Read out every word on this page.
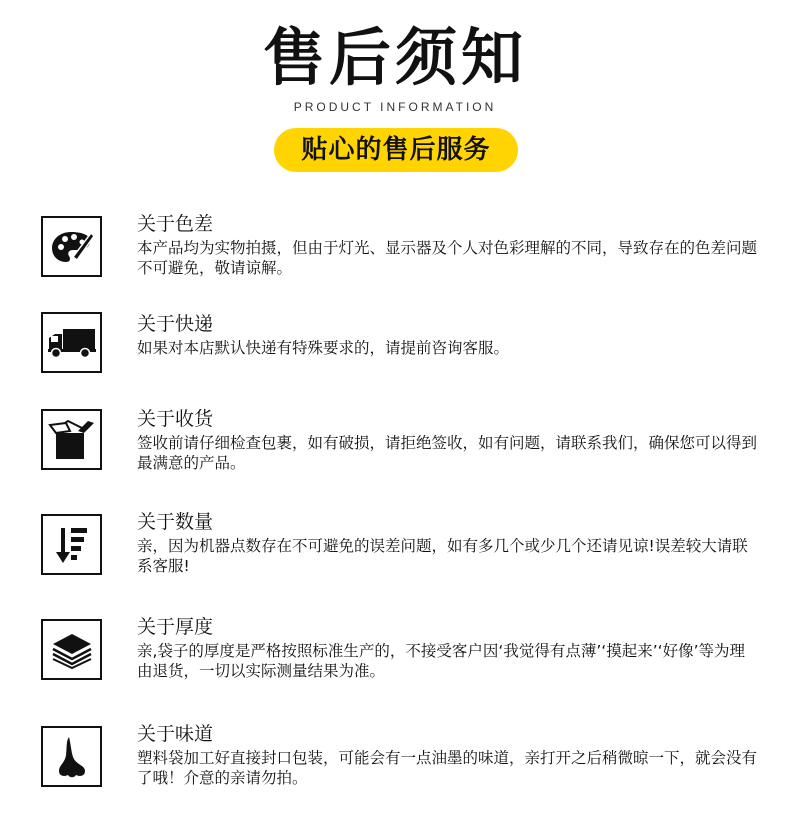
售后须知
PRODUCT INFORMATION
贴心的售后服务
关于色差
本产品均为实物拍摄，但由于灯光、显示器及个人对色彩理解的不同，导致存在的色差问题不可避免，敬请谅解。
关于快递
如果对本店默认快递有特殊要求的，请提前咨询客服。
关于收货
签收前请仔细检查包裹，如有破损，请拒绝签收，如有问题，请联系我们，确保您可以得到最满意的产品。
关于数量
亲，因为机器点数存在不可避免的误差问题，如有多几个或少几个还请见谅!误差较大请联系客服!
关于厚度
亲,袋子的厚度是严格按照标准生产的，不接受客户因‘我觉得有点薄’‘摸起来’‘好像’等为理由退货，一切以实际测量结果为准。
关于味道
塑料袋加工好直接封口包装，可能会有一点油墨的味道，亲打开之后稍微晾一下，就会没有了哦！介意的亲请勿拍。
